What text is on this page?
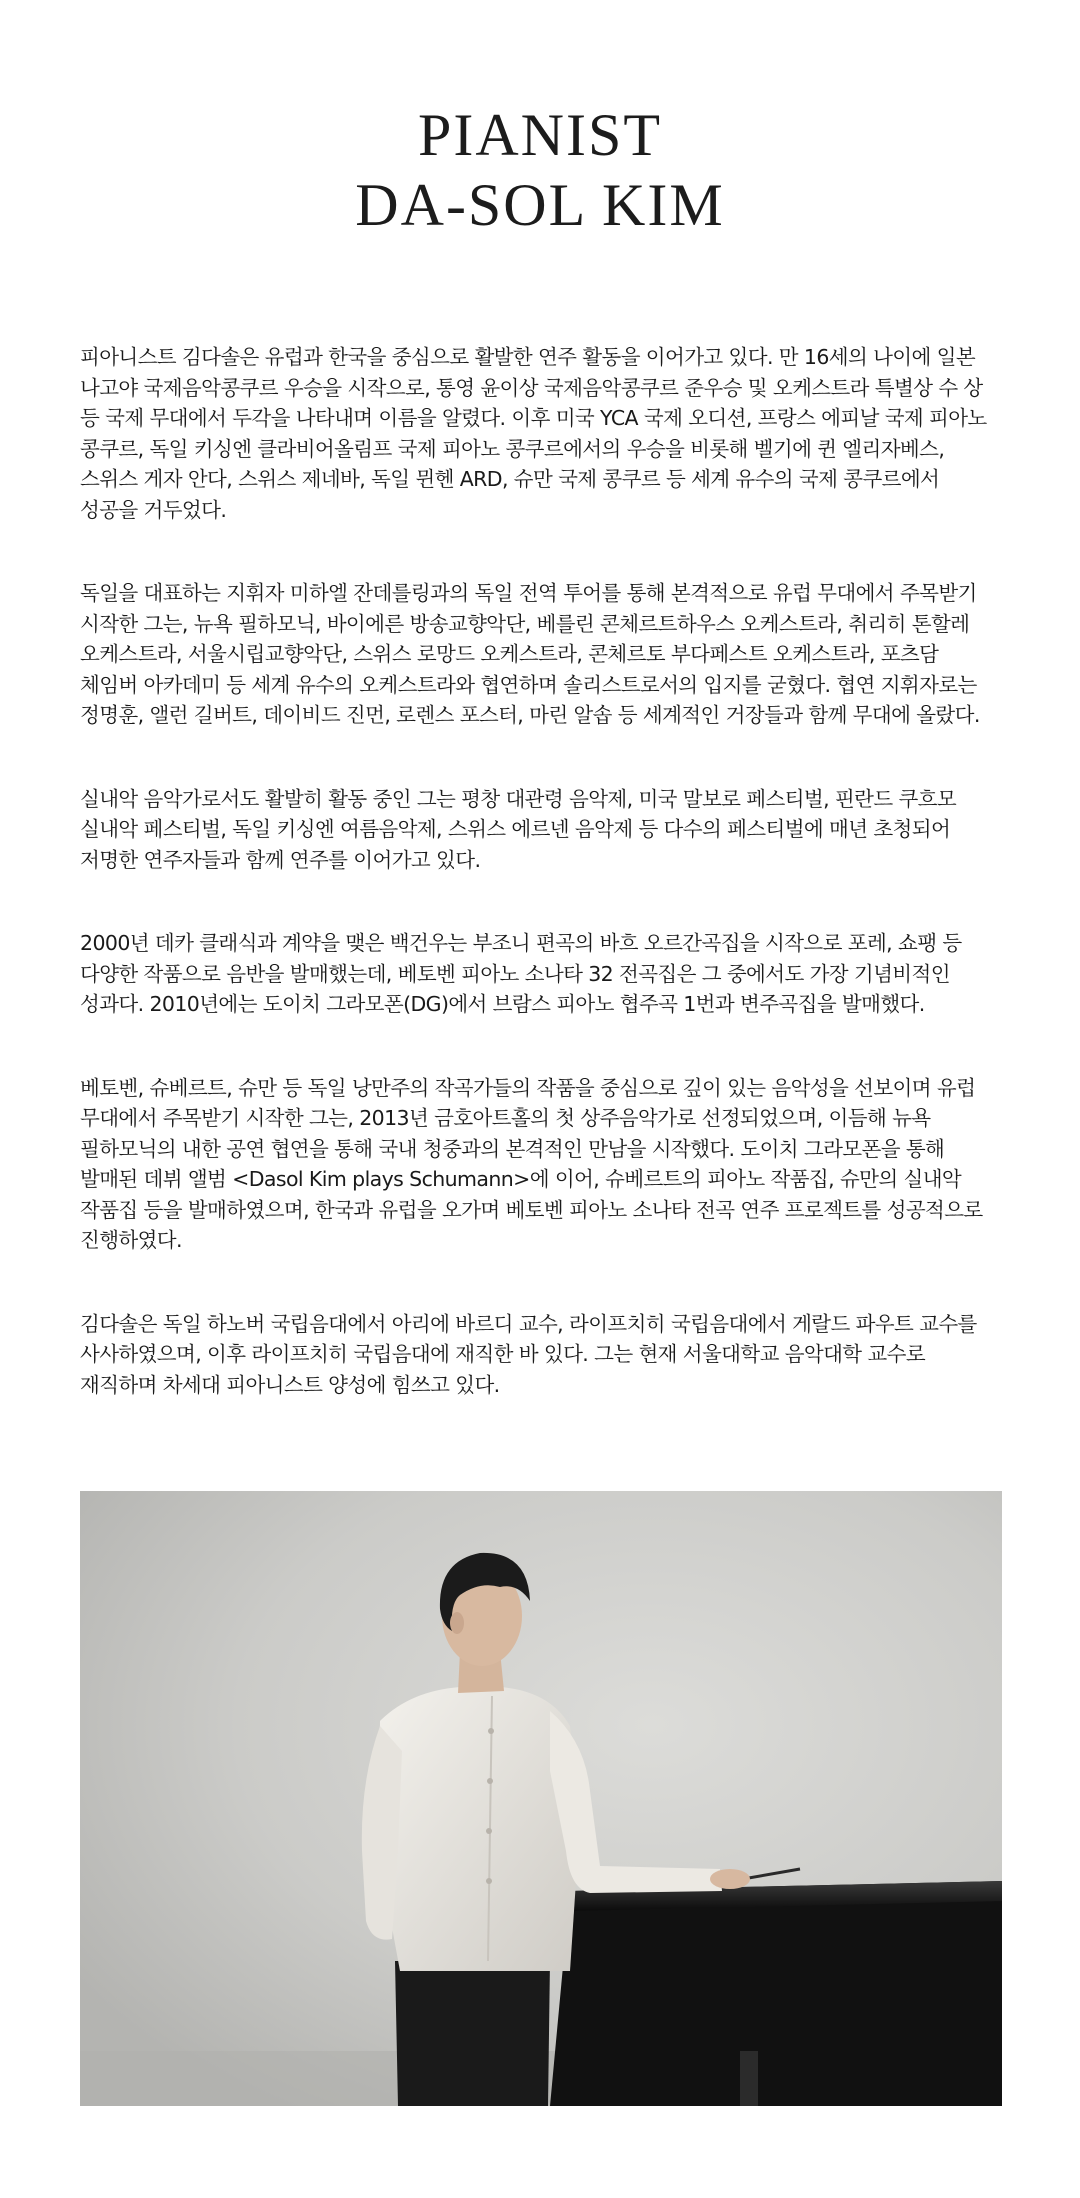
PIANIST
DA-SOL KIM

피아니스트 김다솔은 유럽과 한국을 중심으로 활발한 연주 활동을 이어가고 있다. 만 16세의 나이에 일본 나고야 국제음악콩쿠르 우승을 시작으로, 통영 윤이상 국제음악콩쿠르 준우승 및 오케스트라 특별상 수 상 등 국제 무대에서 두각을 나타내며 이름을 알렸다. 이후 미국 YCA 국제 오디션, 프랑스 에피날 국제 피아노 콩쿠르, 독일 키싱엔 클라비어올림프 국제 피아노 콩쿠르에서의 우승을 비롯해 벨기에 퀸 엘리자베스, 스위스 게자 안다, 스위스 제네바, 독일 뮌헨 ARD, 슈만 국제 콩쿠르 등 세계 유수의 국제 콩쿠르에서 성공을 거두었다.

독일을 대표하는 지휘자 미하엘 잔데를링과의 독일 전역 투어를 통해 본격적으로 유럽 무대에서 주목받기 시작한 그는, 뉴욕 필하모닉, 바이에른 방송교향악단, 베를린 콘체르트하우스 오케스트라, 취리히 톤할레 오케스트라, 서울시립교향악단, 스위스 로망드 오케스트라, 콘체르토 부다페스트 오케스트라, 포츠담 체임버 아카데미 등 세계 유수의 오케스트라와 협연하며 솔리스트로서의 입지를 굳혔다. 협연 지휘자로는 정명훈, 앨런 길버트, 데이비드 진먼, 로렌스 포스터, 마린 알솝 등 세계적인 거장들과 함께 무대에 올랐다.

실내악 음악가로서도 활발히 활동 중인 그는 평창 대관령 음악제, 미국 말보로 페스티벌, 핀란드 쿠흐모 실내악 페스티벌, 독일 키싱엔 여름음악제, 스위스 에르넨 음악제 등 다수의 페스티벌에 매년 초청되어 저명한 연주자들과 함께 연주를 이어가고 있다.

2000년 데카 클래식과 계약을 맺은 백건우는 부조니 편곡의 바흐 오르간곡집을 시작으로 포레, 쇼팽 등 다양한 작품으로 음반을 발매했는데, 베토벤 피아노 소나타 32 전곡집은 그 중에서도 가장 기념비적인 성과다. 2010년에는 도이치 그라모폰(DG)에서 브람스 피아노 협주곡 1번과 변주곡집을 발매했다.

베토벤, 슈베르트, 슈만 등 독일 낭만주의 작곡가들의 작품을 중심으로 깊이 있는 음악성을 선보이며 유럽 무대에서 주목받기 시작한 그는, 2013년 금호아트홀의 첫 상주음악가로 선정되었으며, 이듬해 뉴욕 필하모닉의 내한 공연 협연을 통해 국내 청중과의 본격적인 만남을 시작했다. 도이치 그라모폰을 통해 발매된 데뷔 앨범 <Dasol Kim plays Schumann>에 이어, 슈베르트의 피아노 작품집, 슈만의 실내악 작품집 등을 발매하였으며, 한국과 유럽을 오가며 베토벤 피아노 소나타 전곡 연주 프로젝트를 성공적으로 진행하였다.

김다솔은 독일 하노버 국립음대에서 아리에 바르디 교수, 라이프치히 국립음대에서 게랄드 파우트 교수를 사사하였으며, 이후 라이프치히 국립음대에 재직한 바 있다. 그는 현재 서울대학교 음악대학 교수로 재직하며 차세대 피아니스트 양성에 힘쓰고 있다.
